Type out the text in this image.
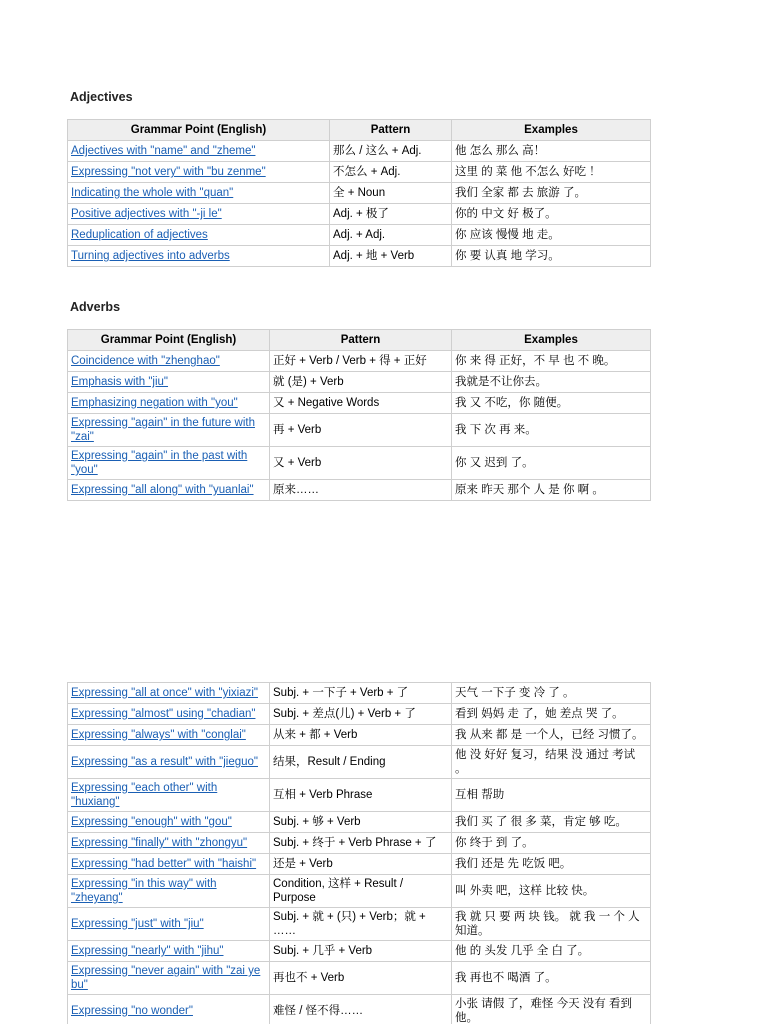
Adjectives
Grammar Point (English)	Pattern	Examples
Adjectives with "name" and "zheme"	那么 / 这么 + Adj.	他 怎么 那么 高！
Expressing "not very" with "bu zenme"	不怎么 + Adj.	这里 的 菜 他 不怎么 好吃 ！
Indicating the whole with "quan"	全 + Noun	我们 全家 都 去 旅游 了。
Positive adjectives with "-ji le"	Adj. + 极了	你的 中文 好 极了。
Reduplication of adjectives	Adj. + Adj.	你 应该 慢慢 地 走。
Turning adjectives into adverbs	Adj. + 地 + Verb	你 要 认真 地 学习。
Adverbs
Grammar Point (English)	Pattern	Examples
Coincidence with "zhenghao"	正好 + Verb / Verb + 得 + 正好	你 来 得 正好，不 早 也 不 晚。
Emphasis with "jiu"	就 (是) + Verb	我就是不让你去。
Emphasizing negation with "you"	又 + Negative Words	我 又 不吃，你 随便。
Expressing "again" in the future with "zai"	再 + Verb	我 下 次 再 来。
Expressing "again" in the past with "you"	又 + Verb	你 又 迟到 了。
Expressing "all along" with "yuanlai"	原来……	原来 昨天 那个 人 是 你 啊 。
Expressing "all at once" with "yixiazi"	Subj. + 一下子 + Verb + 了	天气 一下子 变 冷 了 。
Expressing "almost" using "chadian"	Subj. + 差点(儿) + Verb + 了	看到 妈妈 走 了，她 差点 哭 了。
Expressing "always" with "conglai"	从来 + 都 + Verb	我 从来 都 是 一个人，已经 习惯了。
Expressing "as a result" with "jieguo"	结果，Result / Ending	他 没 好好 复习，结果 没 通过 考试 。
Expressing "each other" with "huxiang"	互相 + Verb Phrase	互相 帮助
Expressing "enough" with "gou"	Subj. + 够 + Verb	我们 买 了 很 多 菜，肯定 够 吃。
Expressing "finally" with "zhongyu"	Subj. + 终于 + Verb Phrase + 了	你 终于 到 了。
Expressing "had better" with "haishi"	还是 + Verb	我们 还是 先 吃饭 吧。
Expressing "in this way" with "zheyang"	Condition, 这样 + Result / Purpose	叫 外卖 吧，这样 比较 快。
Expressing "just" with "jiu"	Subj. + 就 + (只) + Verb；就 + ……	我 就 只 要 两 块 钱。 就 我 一 个 人 知道。
Expressing "nearly" with "jihu"	Subj. + 几乎 + Verb	他 的 头发 几乎 全 白 了。
Expressing "never again" with "zai ye bu"	再也不 + Verb	我 再也不 喝酒 了。
Expressing "no wonder"	难怪 / 怪不得……	小张 请假 了，难怪 今天 没有 看到 他。
